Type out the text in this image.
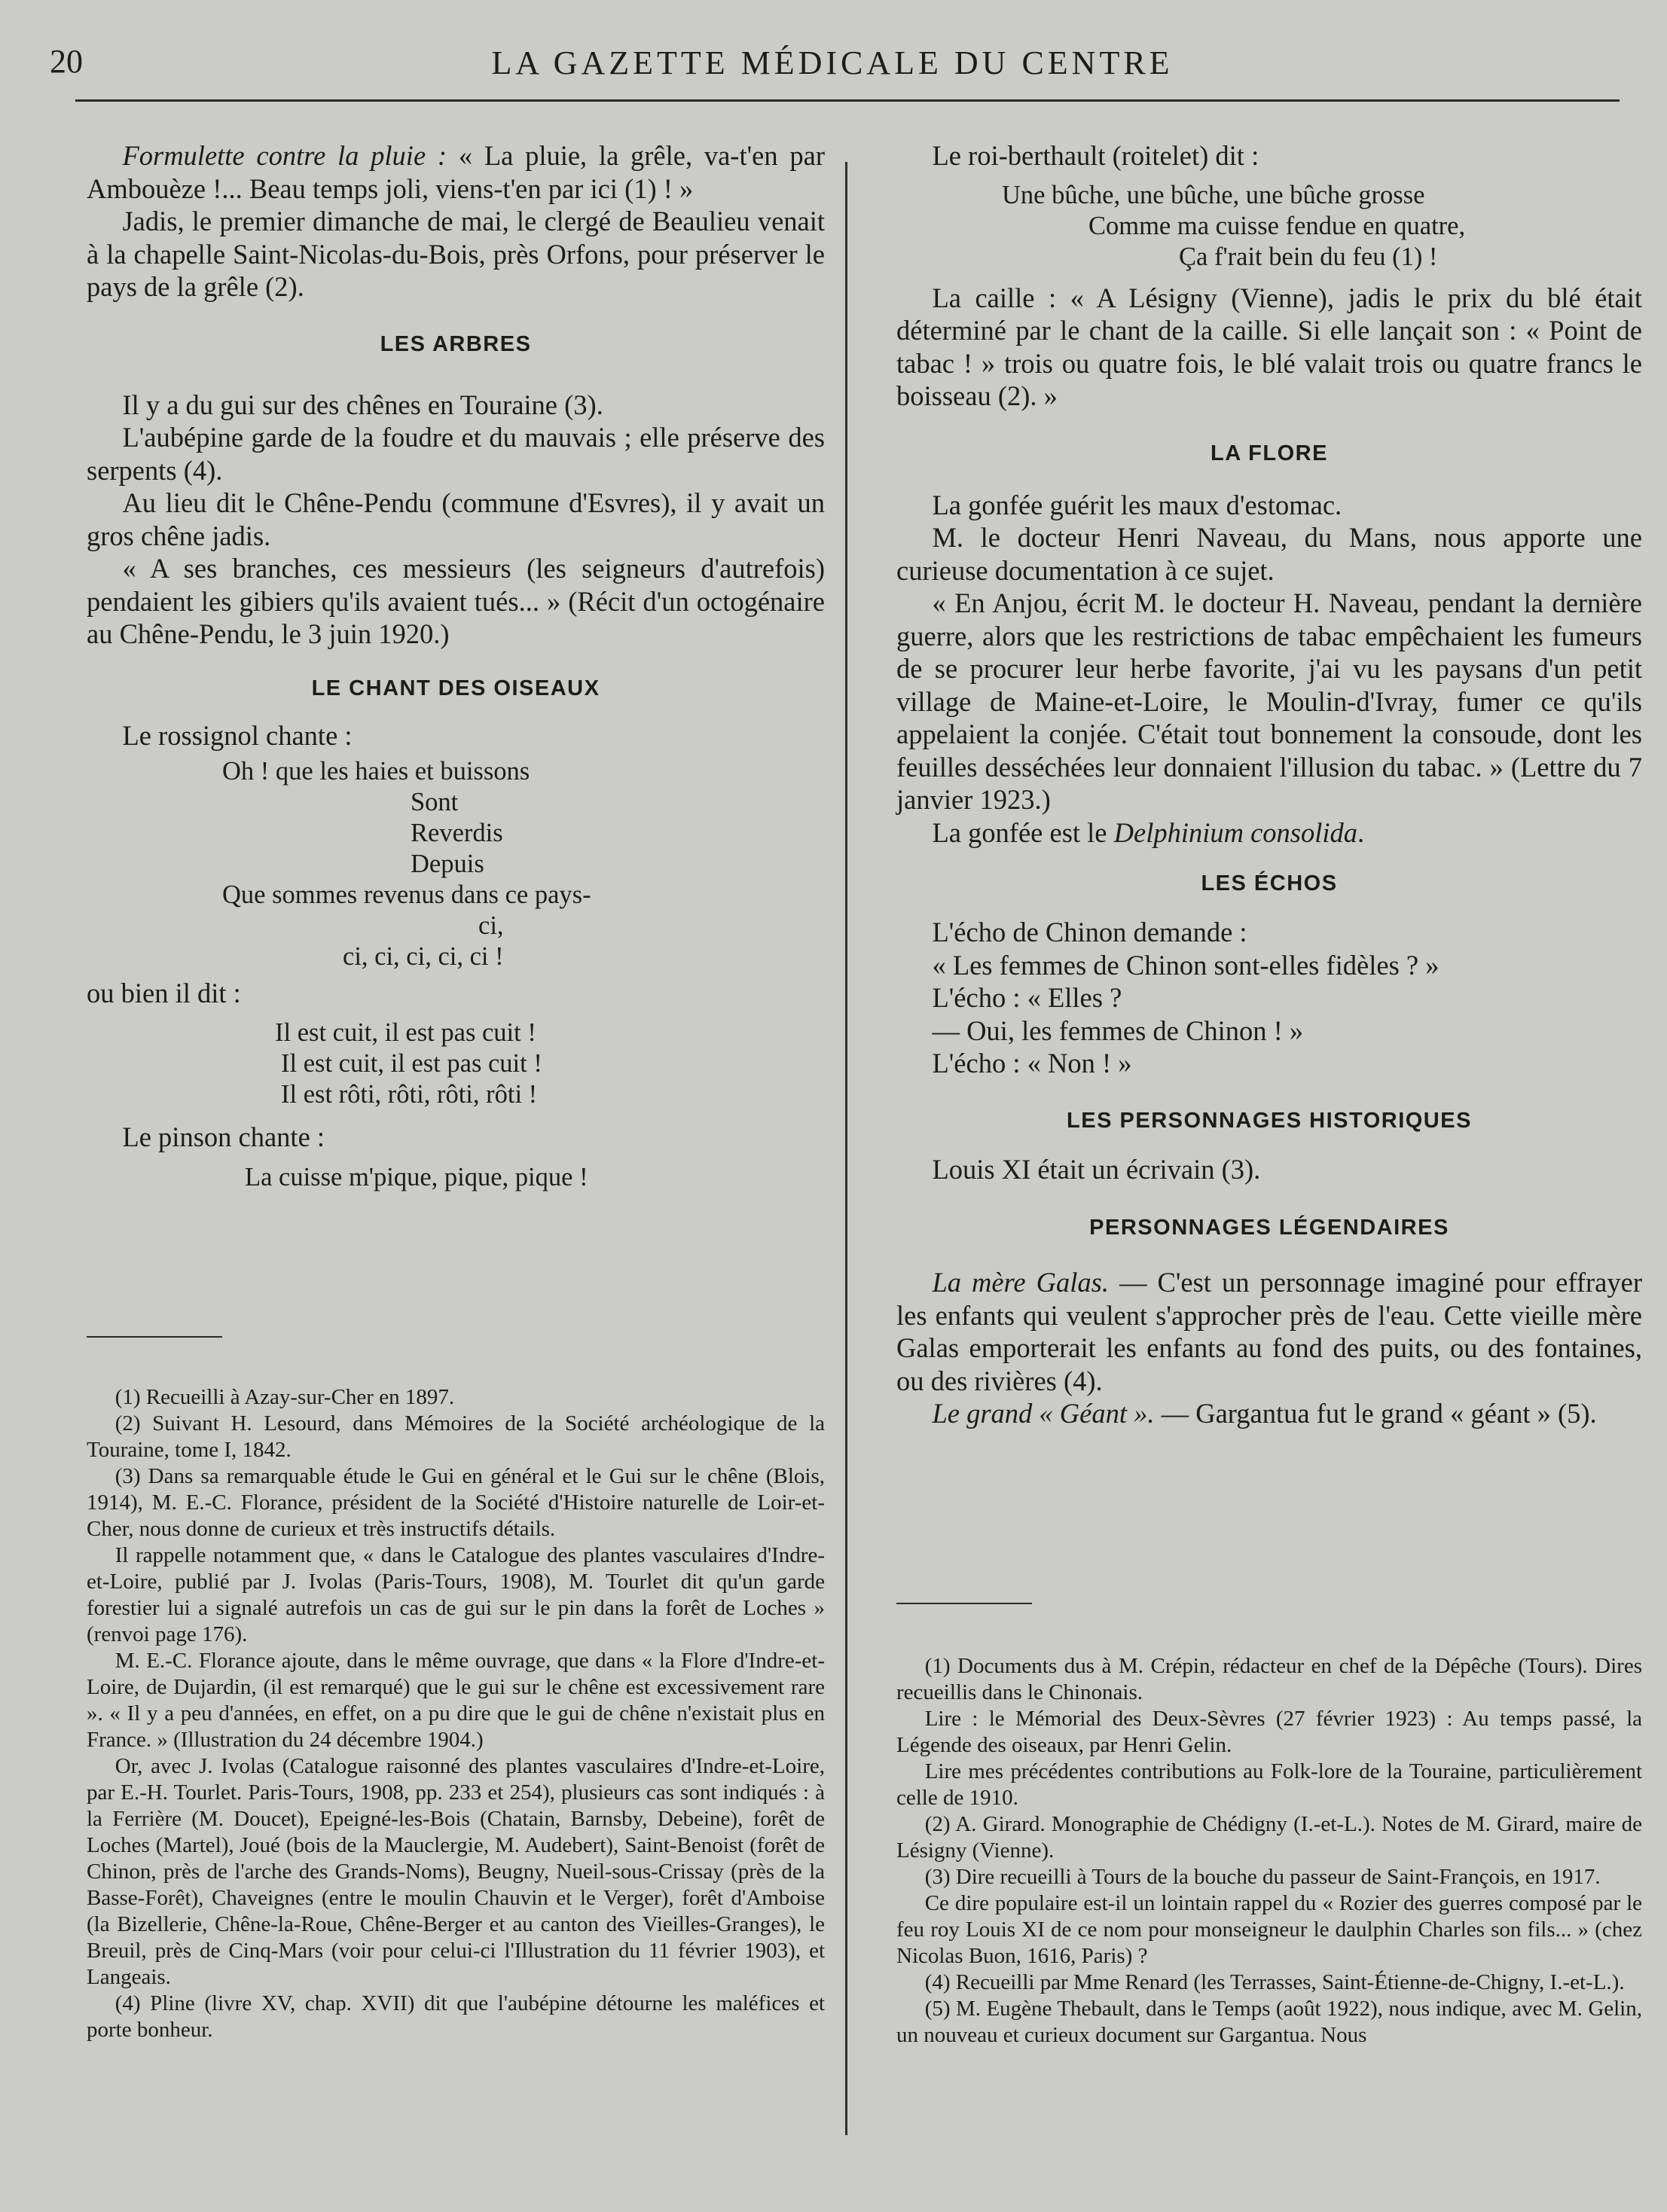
20	LA GAZETTE MÉDICALE DU CENTRE

Formulette contre la pluie : « La pluie, la grêle, va-t'en par Ambouèze !... Beau temps joli, viens-t'en par ici (1) ! »

Jadis, le premier dimanche de mai, le clergé de Beaulieu venait à la chapelle Saint-Nicolas-du-Bois, près Orfons, pour préserver le pays de la grêle (2).

LES ARBRES

Il y a du gui sur des chênes en Touraine (3).

L'aubépine garde de la foudre et du mauvais ; elle préserve des serpents (4).

Au lieu dit le Chêne-Pendu (commune d'Esvres), il y avait un gros chêne jadis.

« A ses branches, ces messieurs (les seigneurs d'autrefois) pendaient les gibiers qu'ils avaient tués... » (Récit d'un octogénaire au Chêne-Pendu, le 3 juin 1920.)

LE CHANT DES OISEAUX

Le rossignol chante :

Oh ! que les haies et buissons

Sont

Reverdis

Depuis

Que sommes revenus dans ce pays-

ci,

ci, ci, ci, ci, ci !

ou bien il dit :

Il est cuit, il est pas cuit !

Il est cuit, il est pas cuit !

Il est rôti, rôti, rôti, rôti !

Le pinson chante :

La cuisse m'pique, pique, pique !

(1) Recueilli à Azay-sur-Cher en 1897.

(2) Suivant H. Lesourd, dans Mémoires de la Société archéologique de la Touraine, tome I, 1842.

(3) Dans sa remarquable étude le Gui en général et le Gui sur le chêne (Blois, 1914), M. E.-C. Florance, président de la Société d'Histoire naturelle de Loir-et-Cher, nous donne de curieux et très instructifs détails.

Il rappelle notamment que, « dans le Catalogue des plantes vasculaires d'Indre-et-Loire, publié par J. Ivolas (Paris-Tours, 1908), M. Tourlet dit qu'un garde forestier lui a signalé autrefois un cas de gui sur le pin dans la forêt de Loches » (renvoi page 176).

M. E.-C. Florance ajoute, dans le même ouvrage, que dans « la Flore d'Indre-et-Loire, de Dujardin, (il est remarqué) que le gui sur le chêne est excessivement rare ». « Il y a peu d'années, en effet, on a pu dire que le gui de chêne n'existait plus en France. » (Illustration du 24 décembre 1904.)

Or, avec J. Ivolas (Catalogue raisonné des plantes vasculaires d'Indre-et-Loire, par E.-H. Tourlet. Paris-Tours, 1908, pp. 233 et 254), plusieurs cas sont indiqués : à la Ferrière (M. Doucet), Epeigné-les-Bois (Chatain, Barnsby, Debeine), forêt de Loches (Martel), Joué (bois de la Mauclergie, M. Audebert), Saint-Benoist (forêt de Chinon, près de l'arche des Grands-Noms), Beugny, Nueil-sous-Crissay (près de la Basse-Forêt), Chaveignes (entre le moulin Chauvin et le Verger), forêt d'Amboise (la Bizellerie, Chêne-la-Roue, Chêne-Berger et au canton des Vieilles-Granges), le Breuil, près de Cinq-Mars (voir pour celui-ci l'Illustration du 11 février 1903), et Langeais.

(4) Pline (livre XV, chap. XVII) dit que l'aubépine détourne les maléfices et porte bonheur.

Le roi-berthault (roitelet) dit :

Une bûche, une bûche, une bûche grosse

Comme ma cuisse fendue en quatre,

Ça f'rait bein du feu (1) !

La caille : « A Lésigny (Vienne), jadis le prix du blé était déterminé par le chant de la caille. Si elle lançait son : « Point de tabac ! » trois ou quatre fois, le blé valait trois ou quatre francs le boisseau (2). »

LA FLORE

La gonfée guérit les maux d'estomac.

M. le docteur Henri Naveau, du Mans, nous apporte une curieuse documentation à ce sujet.

« En Anjou, écrit M. le docteur H. Naveau, pendant la dernière guerre, alors que les restrictions de tabac empêchaient les fumeurs de se procurer leur herbe favorite, j'ai vu les paysans d'un petit village de Maine-et-Loire, le Moulin-d'Ivray, fumer ce qu'ils appelaient la conjée. C'était tout bonnement la consoude, dont les feuilles desséchées leur donnaient l'illusion du tabac. » (Lettre du 7 janvier 1923.)

La gonfée est le Delphinium consolida.

LES ÉCHOS

L'écho de Chinon demande :

« Les femmes de Chinon sont-elles fidèles ? »

L'écho : « Elles ?

— Oui, les femmes de Chinon ! »

L'écho : « Non ! »

LES PERSONNAGES HISTORIQUES

Louis XI était un écrivain (3).

PERSONNAGES LÉGENDAIRES

La mère Galas. — C'est un personnage imaginé pour effrayer les enfants qui veulent s'approcher près de l'eau. Cette vieille mère Galas emporterait les enfants au fond des puits, ou des fontaines, ou des rivières (4).

Le grand « Géant ». — Gargantua fut le grand « géant » (5).

(1) Documents dus à M. Crépin, rédacteur en chef de la Dépêche (Tours). Dires recueillis dans le Chinonais.

Lire : le Mémorial des Deux-Sèvres (27 février 1923) : Au temps passé, la Légende des oiseaux, par Henri Gelin.

Lire mes précédentes contributions au Folk-lore de la Touraine, particulièrement celle de 1910.

(2) A. Girard. Monographie de Chédigny (I.-et-L.). Notes de M. Girard, maire de Lésigny (Vienne).

(3) Dire recueilli à Tours de la bouche du passeur de Saint-François, en 1917.

Ce dire populaire est-il un lointain rappel du « Rozier des guerres composé par le feu roy Louis XI de ce nom pour monseigneur le daulphin Charles son fils... » (chez Nicolas Buon, 1616, Paris) ?

(4) Recueilli par Mme Renard (les Terrasses, Saint-Étienne-de-Chigny, I.-et-L.).

(5) M. Eugène Thebault, dans le Temps (août 1922), nous indique, avec M. Gelin, un nouveau et curieux document sur Gargantua. Nous
